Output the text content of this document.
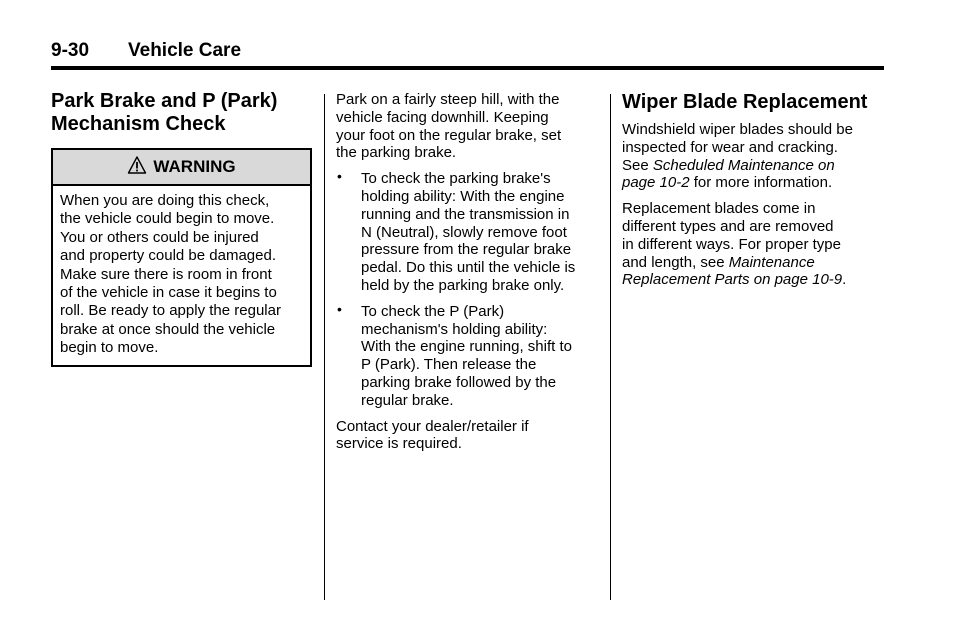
9-30 Vehicle Care
Park Brake and P (Park)
Mechanism Check
WARNING
When you are doing this check,
the vehicle could begin to move.
You or others could be injured
and property could be damaged.
Make sure there is room in front
of the vehicle in case it begins to
roll. Be ready to apply the regular
brake at once should the vehicle
begin to move.

Park on a fairly steep hill, with the
vehicle facing downhill. Keeping
your foot on the regular brake, set
the parking brake.

• To check the parking brake's
holding ability: With the engine
running and the transmission in
N (Neutral), slowly remove foot
pressure from the regular brake
pedal. Do this until the vehicle is
held by the parking brake only.
• To check the P (Park)
mechanism's holding ability:
With the engine running, shift to
P (Park). Then release the
parking brake followed by the
regular brake.

Contact your dealer/retailer if
service is required.

Wiper Blade Replacement

Windshield wiper blades should be
inspected for wear and cracking.
See Scheduled Maintenance on
page 10-2 for more information.

Replacement blades come in
different types and are removed
in different ways. For proper type
and length, see Maintenance
Replacement Parts on page 10-9.
